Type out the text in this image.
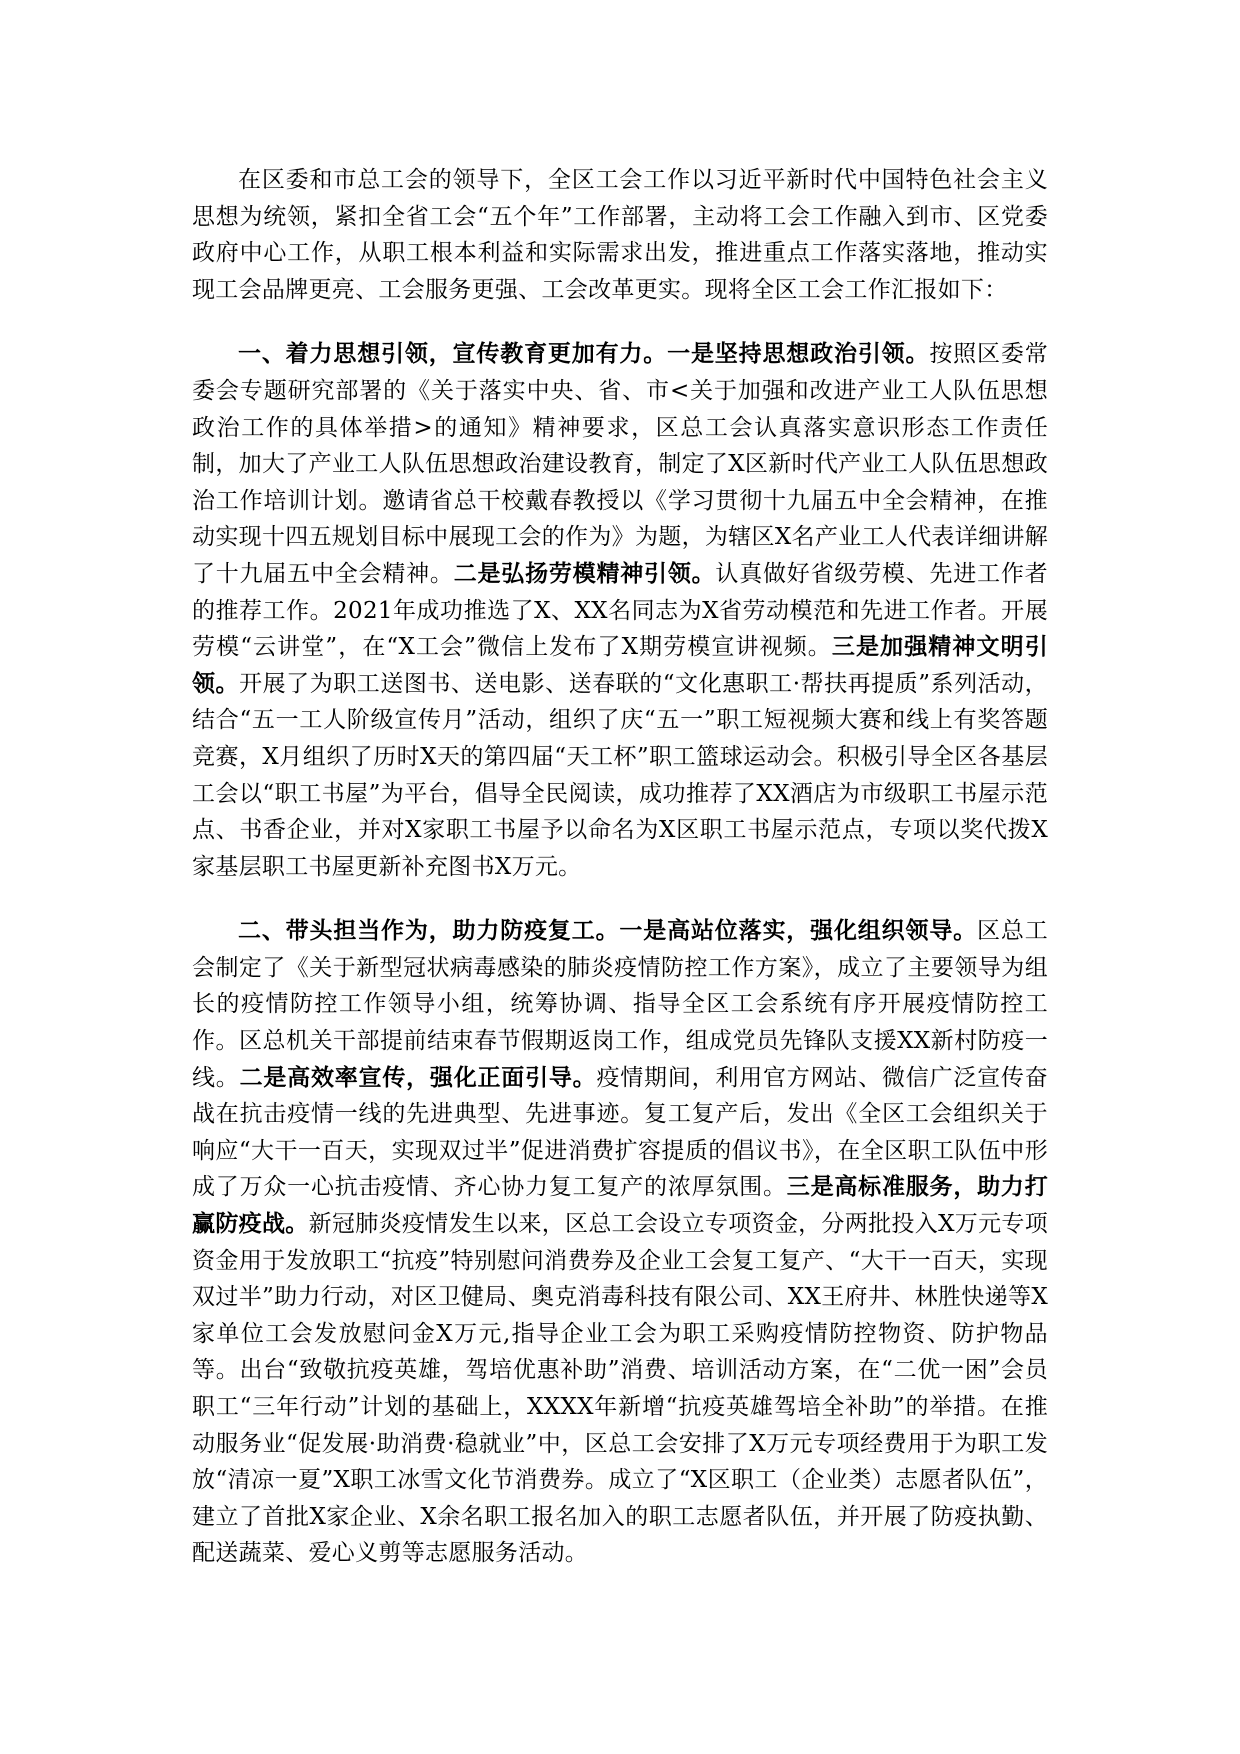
在区委和市总工会的领导下，全区工会工作以习近平新时代中国特色社会主义思想为统领，紧扣全省工会“五个年”工作部署，主动将工会工作融入到市、区党委政府中心工作，从职工根本利益和实际需求出发，推进重点工作落实落地，推动实现工会品牌更亮、工会服务更强、工会改革更实。现将全区工会工作汇报如下：

一、着力思想引领，宣传教育更加有力。一是坚持思想政治引领。按照区委常委会专题研究部署的《关于落实中央、省、市<关于加强和改进产业工人队伍思想政治工作的具体举措>的通知》精神要求，区总工会认真落实意识形态工作责任制，加大了产业工人队伍思想政治建设教育，制定了X区新时代产业工人队伍思想政治工作培训计划。邀请省总干校戴春教授以《学习贯彻十九届五中全会精神，在推动实现十四五规划目标中展现工会的作为》为题，为辖区X名产业工人代表详细讲解了十九届五中全会精神。二是弘扬劳模精神引领。认真做好省级劳模、先进工作者的推荐工作。2021年成功推选了X、XX名同志为X省劳动模范和先进工作者。开展劳模“云讲堂”，在“X工会”微信上发布了X期劳模宣讲视频。三是加强精神文明引领。开展了为职工送图书、送电影、送春联的“文化惠职工·帮扶再提质”系列活动，结合“五一工人阶级宣传月”活动，组织了庆“五一”职工短视频大赛和线上有奖答题竞赛，X月组织了历时X天的第四届“天工杯”职工篮球运动会。积极引导全区各基层工会以“职工书屋”为平台，倡导全民阅读，成功推荐了XX酒店为市级职工书屋示范点、书香企业，并对X家职工书屋予以命名为X区职工书屋示范点，专项以奖代拨X家基层职工书屋更新补充图书X万元。

二、带头担当作为，助力防疫复工。一是高站位落实，强化组织领导。区总工会制定了《关于新型冠状病毒感染的肺炎疫情防控工作方案》，成立了主要领导为组长的疫情防控工作领导小组，统筹协调、指导全区工会系统有序开展疫情防控工作。区总机关干部提前结束春节假期返岗工作，组成党员先锋队支援XX新村防疫一线。二是高效率宣传，强化正面引导。疫情期间，利用官方网站、微信广泛宣传奋战在抗击疫情一线的先进典型、先进事迹。复工复产后，发出《全区工会组织关于响应“大干一百天，实现双过半”促进消费扩容提质的倡议书》，在全区职工队伍中形成了万众一心抗击疫情、齐心协力复工复产的浓厚氛围。三是高标准服务，助力打赢防疫战。新冠肺炎疫情发生以来，区总工会设立专项资金，分两批投入X万元专项资金用于发放职工“抗疫”特别慰问消费券及企业工会复工复产、“大干一百天，实现双过半”助力行动，对区卫健局、奥克消毒科技有限公司、XX王府井、林胜快递等X家单位工会发放慰问金X万元,指导企业工会为职工采购疫情防控物资、防护物品等。出台“致敬抗疫英雄，驾培优惠补助”消费、培训活动方案，在“二优一困”会员职工“三年行动”计划的基础上，XXXX年新增“抗疫英雄驾培全补助”的举措。在推动服务业“促发展·助消费·稳就业”中，区总工会安排了X万元专项经费用于为职工发放“清凉一夏”X职工冰雪文化节消费券。成立了“X区职工（企业类）志愿者队伍”，建立了首批X家企业、X余名职工报名加入的职工志愿者队伍，并开展了防疫执勤、配送蔬菜、爱心义剪等志愿服务活动。
